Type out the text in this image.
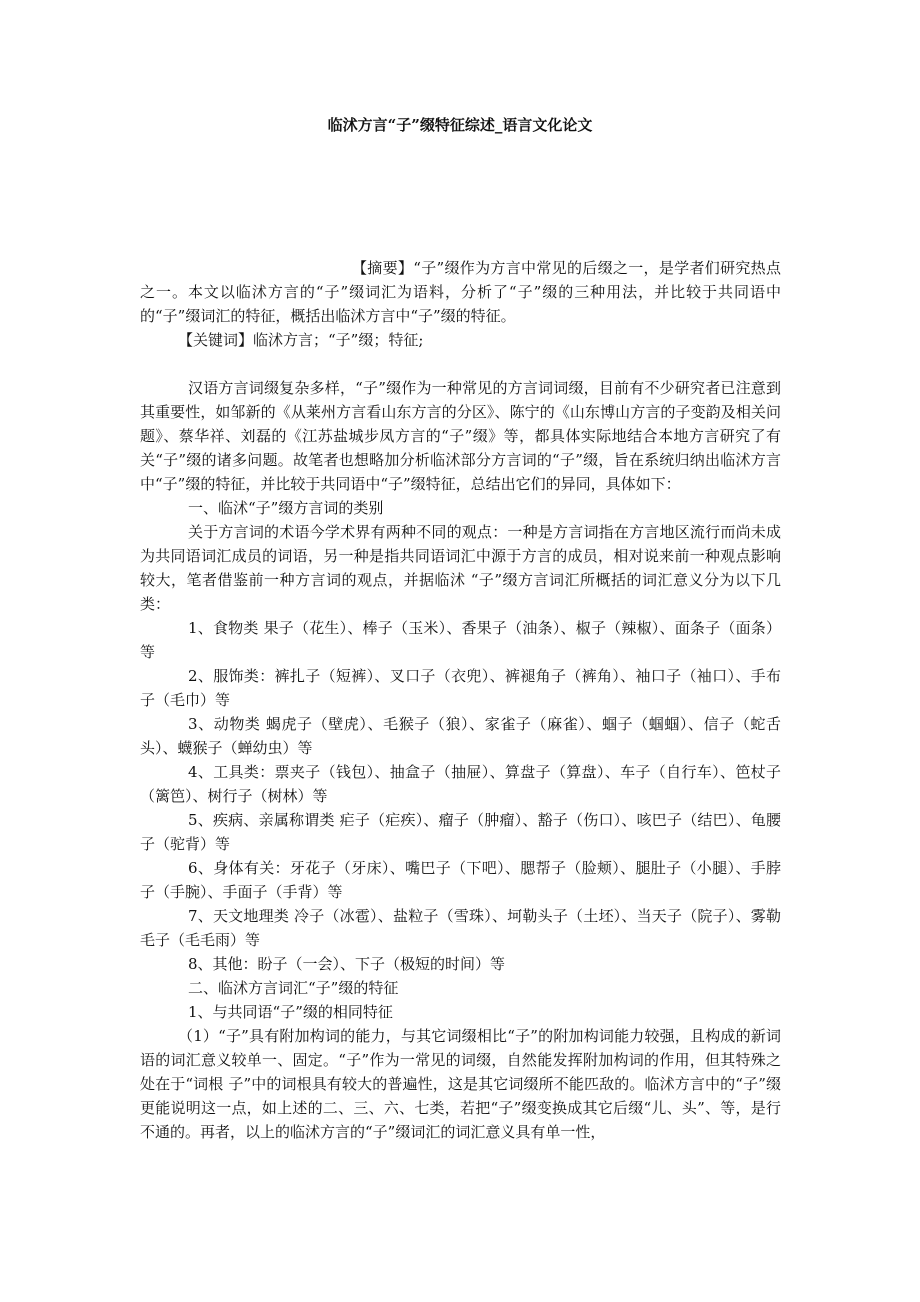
临沭方言“子”缀特征综述_语言文化论文

【摘要】“子”缀作为方言中常见的后缀之一，是学者们研究热点之一。本文以临沭方言的“子”缀词汇为语料，分析了“子”缀的三种用法，并比较于共同语中的“子”缀词汇的特征，概括出临沭方言中“子”缀的特征。

【关键词】临沭方言；“子”缀；特征;

汉语方言词缀复杂多样，“子”缀作为一种常见的方言词词缀，目前有不少研究者已注意到其重要性，如邹新的《从莱州方言看山东方言的分区》、陈宁的《山东博山方言的子变韵及相关问题》、蔡华祥、刘磊的《江苏盐城步凤方言的“子”缀》等，都具体实际地结合本地方言研究了有关“子”缀的诸多问题。故笔者也想略加分析临沭部分方言词的“子”缀，旨在系统归纳出临沭方言中“子”缀的特征，并比较于共同语中“子”缀特征，总结出它们的异同，具体如下：

一、临沭“子”缀方言词的类别

关于方言词的术语今学术界有两种不同的观点：一种是方言词指在方言地区流行而尚未成为共同语词汇成员的词语，另一种是指共同语词汇中源于方言的成员，相对说来前一种观点影响较大，笔者借鉴前一种方言词的观点，并据临沭 “子”缀方言词汇所概括的词汇意义分为以下几类：

1、食物类 果子（花生）、棒子（玉米）、香果子（油条）、椒子（辣椒）、面条子（面条）等

2、服饰类：裤扎子（短裤）、叉口子（衣兜）、裤褪角子（裤角）、袖口子（袖口）、手布子（毛巾）等

3、动物类 蝎虎子（壁虎）、毛猴子（狼）、家雀子（麻雀）、蝈子（蝈蝈）、信子（蛇舌头）、蠛猴子（蝉幼虫）等

4、工具类：票夹子（钱包）、抽盒子（抽屉）、算盘子（算盘）、车子（自行车）、笆杖子（篱笆）、树行子（树林）等

5、疾病、亲属称谓类 疟子（疟疾）、瘤子（肿瘤）、豁子（伤口）、咳巴子（结巴）、龟腰子（驼背）等

6、身体有关：牙花子（牙床）、嘴巴子（下吧）、腮帮子（脸颊）、腿肚子（小腿）、手脖子（手腕）、手面子（手背）等

7、天文地理类 冷子（冰雹）、盐粒子（雪珠）、坷勒头子（土坯）、当天子（院子）、雾勒毛子（毛毛雨）等

8、其他：盼子（一会）、下子（极短的时间）等

二、临沭方言词汇“子”缀的特征

1、与共同语“子”缀的相同特征

（1）“子”具有附加构词的能力，与其它词缀相比“子”的附加构词能力较强，且构成的新词语的词汇意义较单一、固定。“子”作为一常见的词缀，自然能发挥附加构词的作用，但其特殊之处在于“词根 子”中的词根具有较大的普遍性，这是其它词缀所不能匹敌的。临沭方言中的“子”缀更能说明这一点，如上述的二、三、六、七类，若把“子”缀变换成其它后缀“儿、头”、等，是行不通的。再者，以上的临沭方言的“子”缀词汇的词汇意义具有单一性，
